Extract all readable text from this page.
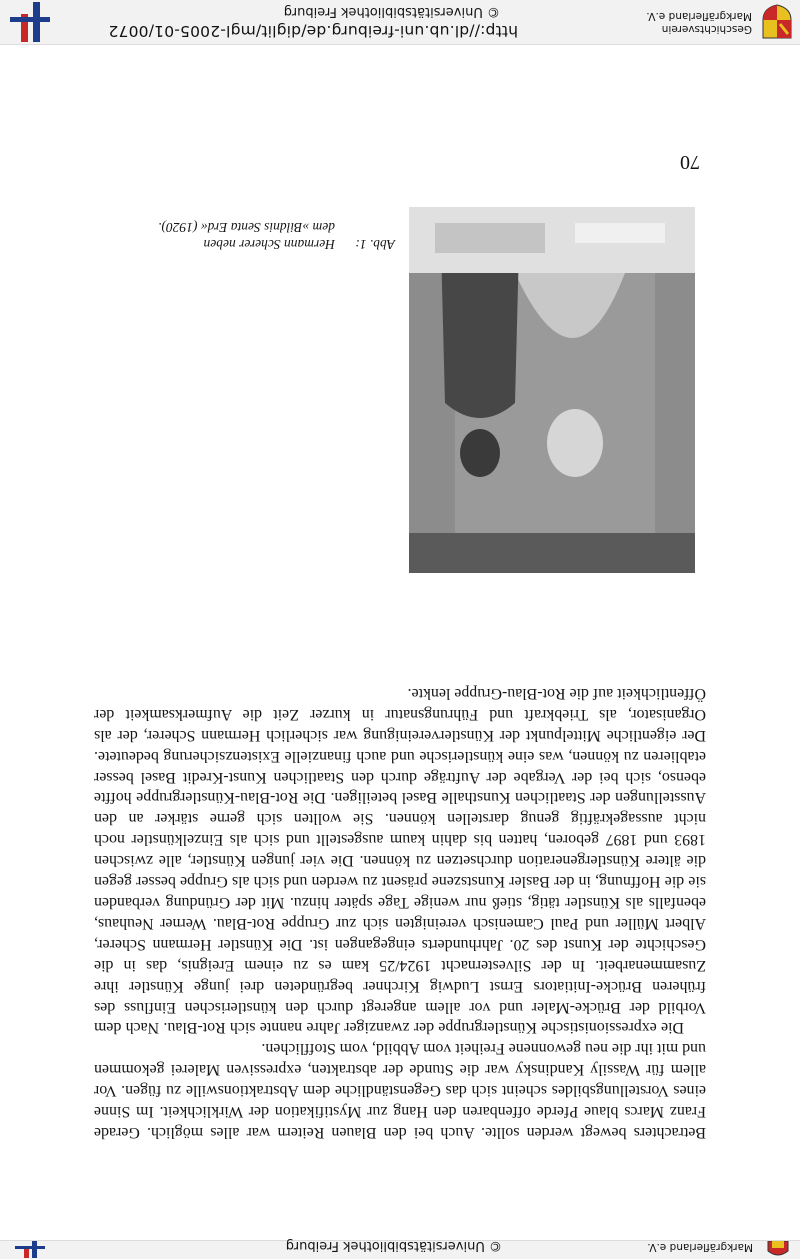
Markgräflerland e.V.
© Universitätsbibliothek Freiburg

Betrachters bewegt werden sollte. Auch bei den Blauen Reitern war alles möglich. Gerade Franz Marcs blaue Pferde offenbaren den Hang zur Mystifikation der Wirklichkeit. Im Sinne eines Vorstellungsbildes scheint sich das Gegenständliche dem Abstraktionswille zu fügen. Vor allem für Wassily Kandinsky war die Stunde der abstrakten, expressiven Malerei gekommen und mit ihr die neu gewonnene Freiheit vom Abbild, vom Stofflichen.

Die expressionistische Künstlergruppe der zwanziger Jahre nannte sich Rot-Blau. Nach dem Vorbild der Brücke-Maler und vor allem angeregt durch den künstlerischen Einfluss des früheren Brücke-Initiators Ernst Ludwig Kirchner begründeten drei junge Künstler ihre Zusammenarbeit. In der Silvesternacht 1924/25 kam es zu einem Ereignis, das in die Geschichte der Kunst des 20. Jahrhunderts eingegangen ist. Die Künstler Hermann Scherer, Albert Müller und Paul Camenisch vereinigten sich zur Gruppe Rot-Blau. Werner Neuhaus, ebenfalls als Künstler tätig, stieß nur wenige Tage später hinzu. Mit der Gründung verbanden sie die Hoffnung, in der Basler Kunstszene präsent zu werden und sich als Gruppe besser gegen die ältere Künstlergeneration durchsetzen zu können. Die vier jungen Künstler, alle zwischen 1893 und 1897 geboren, hatten bis dahin kaum ausgestellt und sich als Einzelkünstler noch nicht aussagekräftig genug darstellen können. Sie wollten sich gerne stärker an den Ausstellungen der Staatlichen Kunsthalle Basel beteiligen. Die Rot-Blau-Künstlergruppe hoffte ebenso, sich bei der Vergabe der Aufträge durch den Staatlichen Kunst-Kredit Basel besser etablieren zu können, was eine künstlerische und auch finanzielle Existenzsicherung bedeutete. Der eigentliche Mittelpunkt der Künstlervereinigung war sicherlich Hermann Scherer, der als Organisator, als Triebkraft und Führungsnatur in kurzer Zeit die Aufmerksamkeit der Öffentlichkeit auf die Rot-Blau-Gruppe lenkte.

Abb. 1:Hermann Scherer neben
dem »Bildnis Senta Erd« (1920).
70
Geschichtsverein
Markgräflerland e.V.
http://dl.ub.uni-freiburg.de/diglit/mgl-2005-01/0072
© Universitätsbibliothek Freiburg
